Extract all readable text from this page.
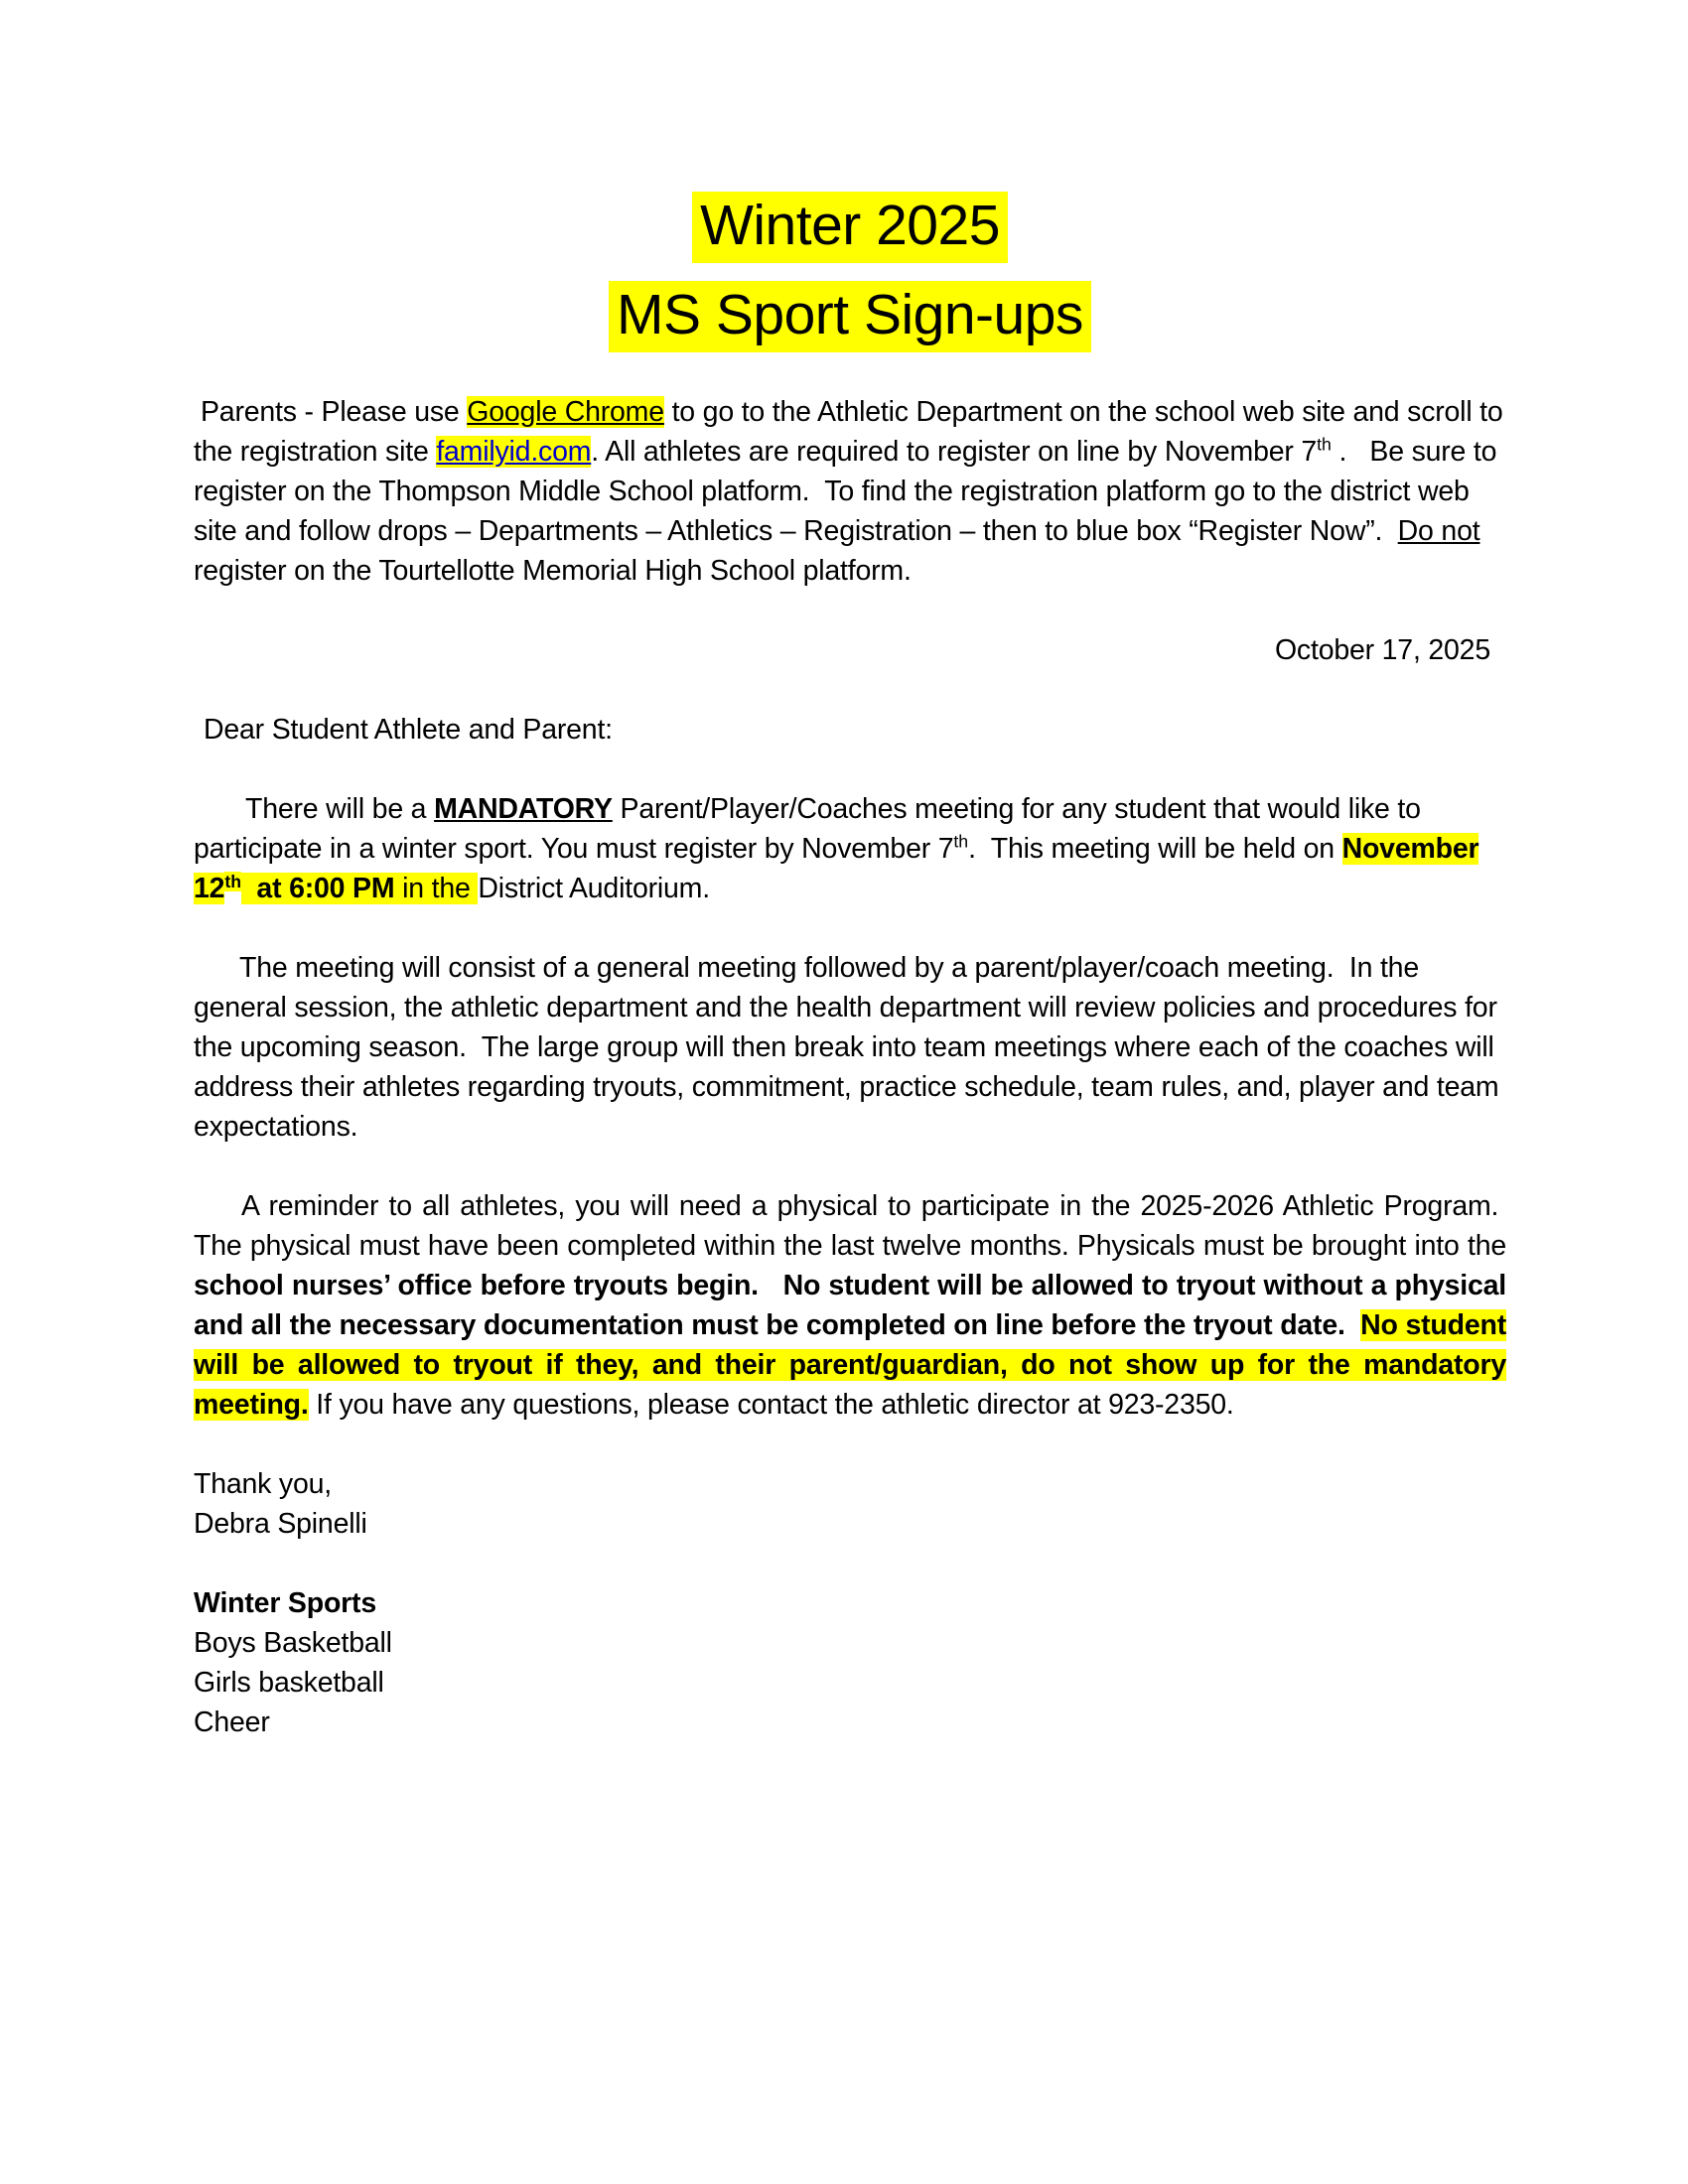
Winter 2025
MS Sport Sign-ups

Parents - Please use Google Chrome to go to the Athletic Department on the school web site and scroll to the registration site familyid.com. All athletes are required to register on line by November 7th .   Be sure to register on the Thompson Middle School platform.  To find the registration platform go to the district web site and follow drops – Departments – Athletics – Registration – then to blue box “Register Now”.  Do not register on the Tourtellotte Memorial High School platform.

October 17, 2025

Dear Student Athlete and Parent:

There will be a MANDATORY Parent/Player/Coaches meeting for any student that would like to participate in a winter sport. You must register by November 7th.  This meeting will be held on November 12th  at 6:00 PM in the District Auditorium.

The meeting will consist of a general meeting followed by a parent/player/coach meeting.  In the general session, the athletic department and the health department will review policies and procedures for the upcoming season.  The large group will then break into team meetings where each of the coaches will address their athletes regarding tryouts, commitment, practice schedule, team rules, and, player and team expectations.

A reminder to all athletes, you will need a physical to participate in the 2025-2026 Athletic Program.  The physical must have been completed within the last twelve months. Physicals must be brought into the school nurses’ office before tryouts begin.   No student will be allowed to tryout without a physical and all the necessary documentation must be completed on line before the tryout date.  No student will be allowed to tryout if they, and their parent/guardian, do not show up for the mandatory meeting. If you have any questions, please contact the athletic director at 923-2350.

Thank you,

Debra Spinelli

Winter Sports

Boys Basketball

Girls basketball

Cheer
